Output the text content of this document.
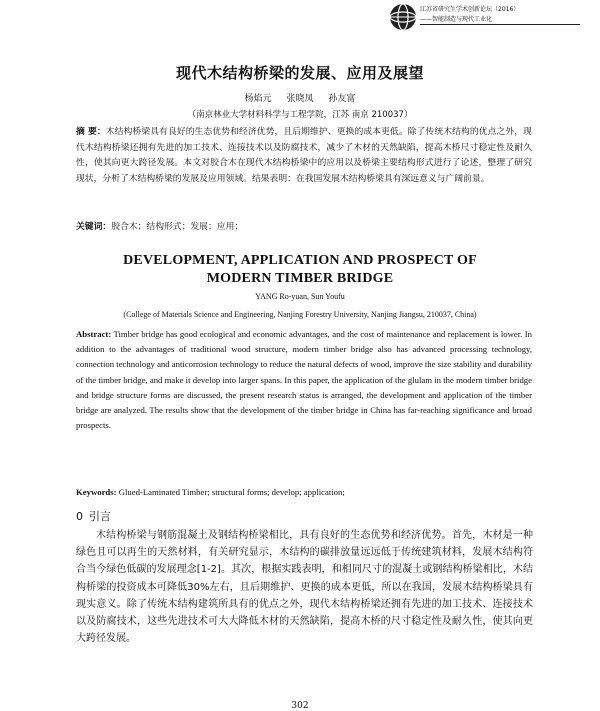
江苏省研究生学术创新论坛（2016）
——智能制造与现代工业化
现代木结构桥梁的发展、应用及展望
杨焰元 张晓凤 孙友富
（南京林业大学材料科学与工程学院，江苏 南京 210037）
摘 要：木结构桥梁具有良好的生态优势和经济优势，且后期维护、更换的成本更低。除了传统木结构的优点之外，现代木结构桥梁还拥有先进的加工技术、连接技术以及防腐技术，减少了木材的天然缺陷，提高木桥尺寸稳定性及耐久性，使其向更大跨径发展。本文对胶合木在现代木结构桥梁中的应用以及桥梁主要结构形式进行了论述，整理了研究现状，分析了木结构桥梁的发展及应用领域。结果表明：在我国发展木结构桥梁具有深远意义与广阔前景。
关键词：胶合木；结构形式；发展；应用；
DEVELOPMENT, APPLICATION AND PROSPECT OF
MODERN TIMBER BRIDGE
YANG Ro-yuan, Sun Youfu
(College of Materials Science and Engineering, Nanjing Forestry University, Nanjing Jiangsu, 210037, China)
Abstract: Timber bridge has good ecological and economic advantages, and the cost of maintenance and replacement is lower. In addition to the advantages of traditional wood structure, modern timber bridge also has advanced processing technology, connection technology and anticorrosion technology to reduce the natural defects of wood, improve the size stability and durability of the timber bridge, and make it develop into larger spans. In this paper, the application of the glulam in the modern timber bridge and bridge structure forms are discussed, the present research status is arranged, the development and application of the timber bridge are analyzed. The results show that the development of the timber bridge in China has far-reaching significance and broad prospects.
Keywords: Glued-Laminated Timber; structural forms; develop; application;
0 引言

木结构桥梁与钢筋混凝土及钢结构桥梁相比，具有良好的生态优势和经济优势。首先，木材是一种绿色且可以再生的天然材料，有关研究显示，木结构的碳排放量远远低于传统建筑材料，发展木结构符合当今绿色低碳的发展理念[1-2]。其次，根据实践表明，和相同尺寸的混凝土或钢结构桥梁相比，木结构桥梁的投资成本可降低30%左右，且后期维护、更换的成本更低，所以在我国，发展木结构桥梁具有现实意义。除了传统木结构建筑所具有的优点之外，现代木结构桥梁还拥有先进的加工技术、连接技术以及防腐技术，这些先进技术可大大降低木材的天然缺陷，提高木桥的尺寸稳定性及耐久性，使其向更大跨径发展。

302
